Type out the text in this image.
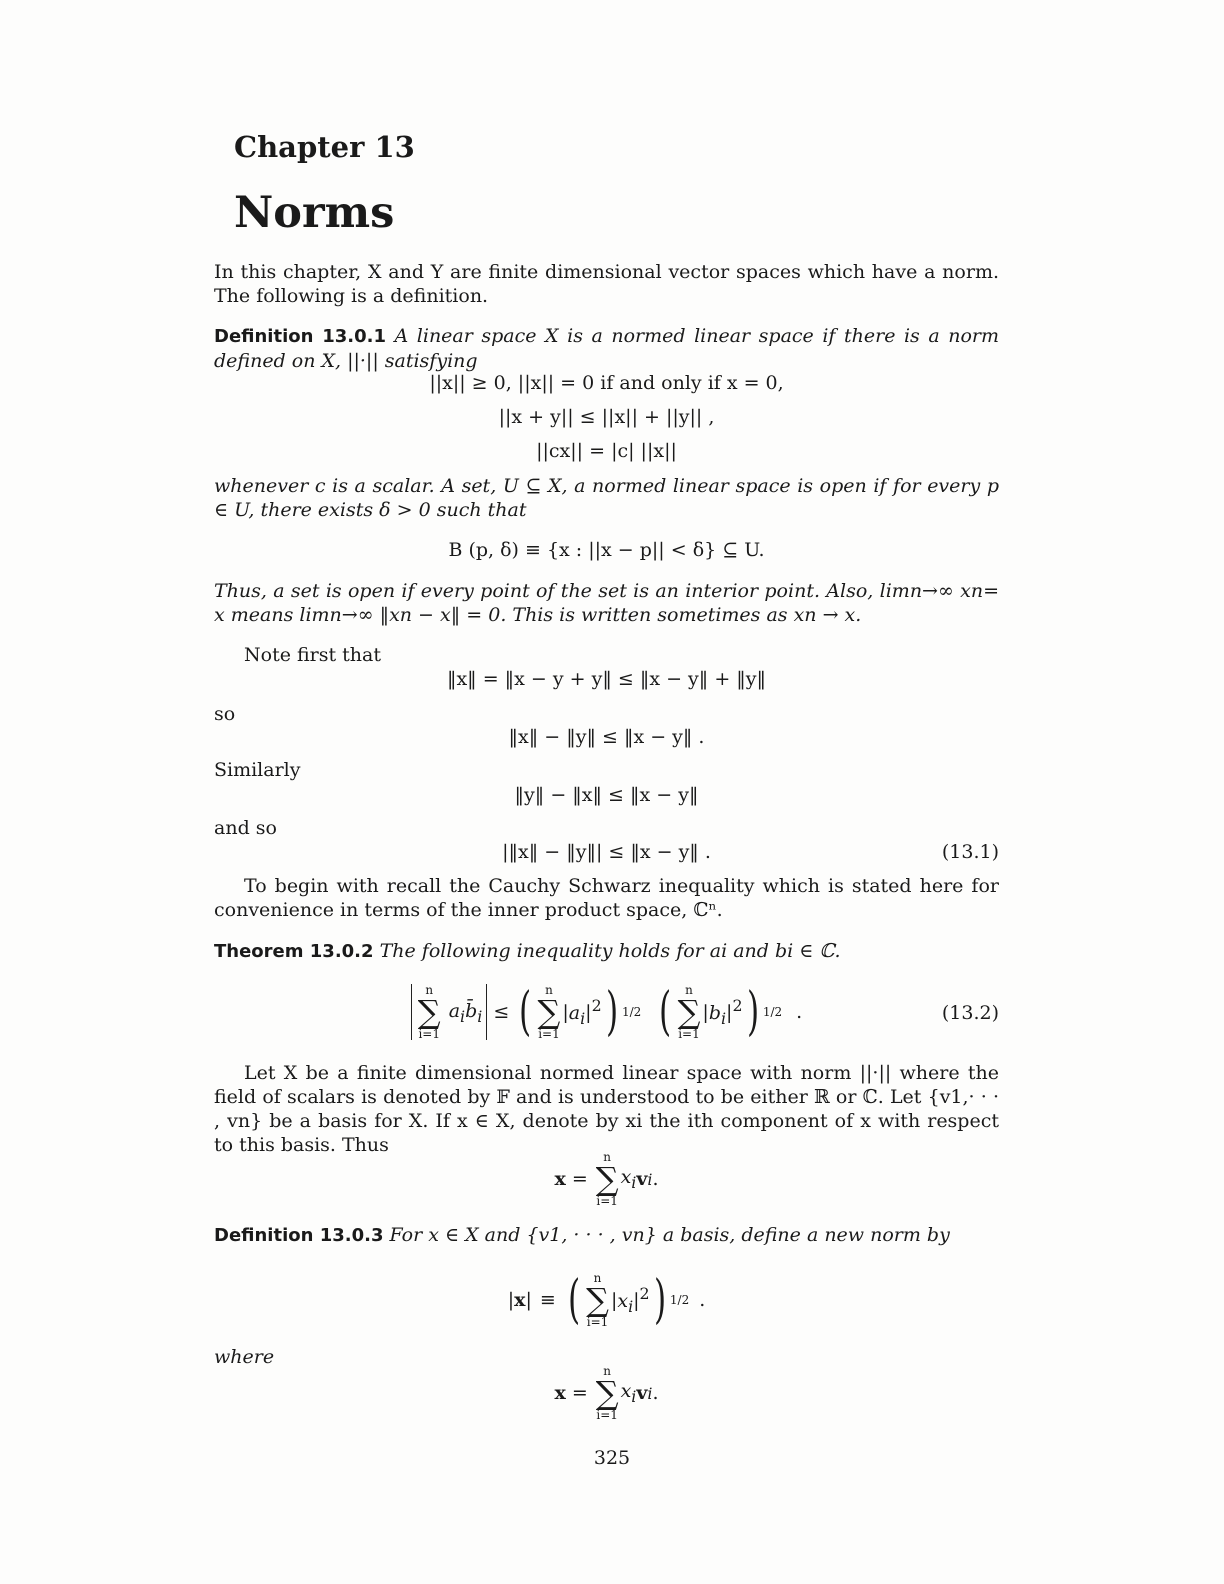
Chapter 13
Norms
In this chapter, X and Y are finite dimensional vector spaces which have a norm. The following is a definition.
Definition 13.0.1 A linear space X is a normed linear space if there is a norm defined on X, ||·|| satisfying
||x|| ≥ 0, ||x|| = 0 if and only if x = 0,
||x + y|| ≤ ||x|| + ||y|| ,
||cx|| = |c| ||x||
whenever c is a scalar. A set, U ⊆ X, a normed linear space is open if for every p ∈ U, there exists δ > 0 such that
B (p, δ) ≡ {x : ||x − p|| < δ} ⊆ U.
Thus, a set is open if every point of the set is an interior point. Also, limn→∞ xn= x means limn→∞ ‖xn − x‖ = 0. This is written sometimes as xn → x.
Note first that
‖x‖ = ‖x − y + y‖ ≤ ‖x − y‖ + ‖y‖
so
‖x‖ − ‖y‖ ≤ ‖x − y‖ .
Similarly
‖y‖ − ‖x‖ ≤ ‖x − y‖
and so
|‖x‖ − ‖y‖| ≤ ‖x − y‖ .	(13.1)
To begin with recall the Cauchy Schwarz inequality which is stated here for convenience in terms of the inner product space, ℂⁿ.
Theorem 13.0.2 The following inequality holds for ai and bi ∈ ℂ.
n
∑
i=1
$a_ib̄_i$ ≤ ( n
∑
i=1
$|a_i|^2$ ) 1/2 ( n
∑
i=1
$|b_i|^2$ ) 1/2 .	(13.2)
Let X be a finite dimensional normed linear space with norm ||·|| where the field of scalars is denoted by 𝔽 and is understood to be either ℝ or ℂ. Let {v1,· · · , vn} be a basis for X. If x ∈ X, denote by xi the ith component of x with respect to this basis. Thus
x =
n
∑
i=1
$x_i$ v i .
Definition 13.0.3 For x ∈ X and {v1, · · · , vn} a basis, define a new norm by
|x| ≡ ( n
∑
i=1
$|x_i|^2$ ) 1/2 .
where
x =
n
∑
i=1
$x_i$ v i .
325
